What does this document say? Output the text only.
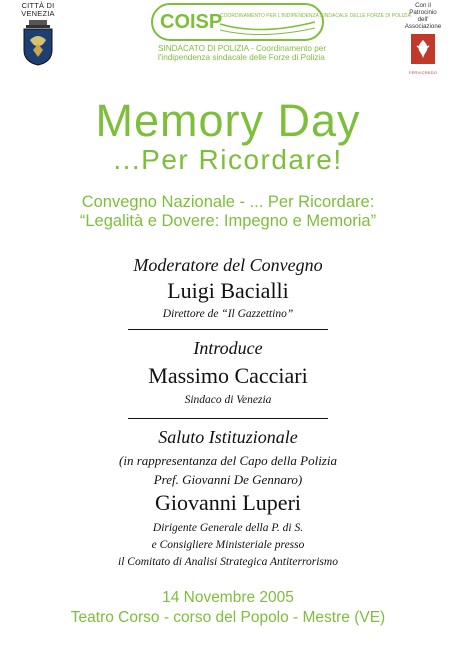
CITTÀ DI VENEZIA	COISP
COORDINAMENTO PER L'INDIPENDENZA SINDACALE DELLE FORZE DI POLIZIA
SINDACATO DI POLIZIA - Coordinamento per
l'indipendenza sindacale delle Forze di Polizia
Con il
Patrocinio
dell'
Associazione
FERVICREDO
Memory Day
...Per Ricordare!
Convegno Nazionale - ... Per Ricordare:
“Legalità e Dovere: Impegno e Memoria”
Moderatore del Convegno
Luigi Bacialli
Direttore de “Il Gazzettino”
Introduce
Massimo Cacciari
Sindaco di Venezia
Saluto Istituzionale
(in rappresentanza del Capo della Polizia
Pref. Giovanni De Gennaro)
Giovanni Luperi
Dirigente Generale della P. di S.
e Consigliere Ministeriale presso
il Comitato di Analisi Strategica Antiterrorismo
14 Novembre 2005
Teatro Corso - corso del Popolo - Mestre (VE)
